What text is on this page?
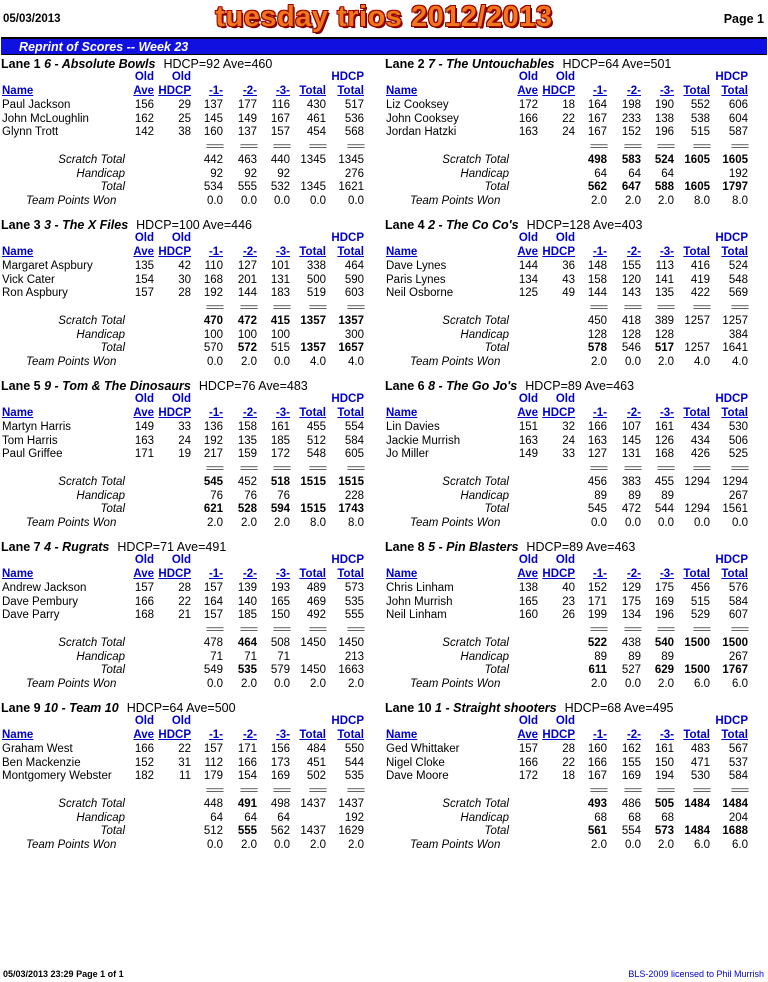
05/03/2013	tuesday trios 2012/2013	Page 1
Reprint of Scores -- Week 23
Lane 1 6 - Absolute Bowls HDCP=92 Ave=460
Old Old	HDCP
Name	Ave HDCP -1- -2- -3- Total Total
Paul Jackson	156 29 137 177 116 430 517
John McLoughlin	162 25 145 149 167 461 536
Glynn Trott	142 38 160 137 157 454 568
==== ==== ==== ==== ====
Scratch Total	442 463 440 1345 1345
Handicap	92 92 92	276
Total	534 555 532 1345 1621
Team Points Won	0.0 0.0 0.0 0.0 0.0
Lane 2 7 - The Untouchables HDCP=64 Ave=501
Old Old	HDCP
Name	Ave HDCP -1- -2- -3- Total Total
Liz Cooksey	172 18 164 198 190 552 606
John Cooksey	166 22 167 233 138 538 604
Jordan Hatzki	163 24 167 152 196 515 587
==== ==== ==== ==== ====
Scratch Total	498 583 524 1605 1605
Handicap	64 64 64	192
Total	562 647 588 1605 1797
Team Points Won	2.0 2.0 2.0 8.0 8.0
Lane 3 3 - The X Files HDCP=100 Ave=446
Old Old	HDCP
Name	Ave HDCP -1- -2- -3- Total Total
Margaret Aspbury	135 42 110 127 101 338 464
Vick Cater	154 30 168 201 131 500 590
Ron Aspbury	157 28 192 144 183 519 603
==== ==== ==== ==== ====
Scratch Total	470 472 415 1357 1357
Handicap	100 100 100	300
Total	570 572 515 1357 1657
Team Points Won	0.0 2.0 0.0 4.0 4.0
Lane 4 2 - The Co Co's HDCP=128 Ave=403
Old Old	HDCP
Name	Ave HDCP -1- -2- -3- Total Total
Dave Lynes	144 36 148 155 113 416 524
Paris Lynes	134 43 158 120 141 419 548
Neil Osborne	125 49 144 143 135 422 569
==== ==== ==== ==== ====
Scratch Total	450 418 389 1257 1257
Handicap	128 128 128	384
Total	578 546 517 1257 1641
Team Points Won	2.0 0.0 2.0 4.0 4.0
Lane 5 9 - Tom & The Dinosaurs HDCP=76 Ave=483
Old Old	HDCP
Name	Ave HDCP -1- -2- -3- Total Total
Martyn Harris	149 33 136 158 161 455 554
Tom Harris	163 24 192 135 185 512 584
Paul Griffee	171 19 217 159 172 548 605
==== ==== ==== ==== ====
Scratch Total	545 452 518 1515 1515
Handicap	76 76 76	228
Total	621 528 594 1515 1743
Team Points Won	2.0 2.0 2.0 8.0 8.0
Lane 6 8 - The Go Jo's HDCP=89 Ave=463
Old Old	HDCP
Name	Ave HDCP -1- -2- -3- Total Total
Lin Davies	151 32 166 107 161 434 530
Jackie Murrish	163 24 163 145 126 434 506
Jo Miller	149 33 127 131 168 426 525
==== ==== ==== ==== ====
Scratch Total	456 383 455 1294 1294
Handicap	89 89 89	267
Total	545 472 544 1294 1561
Team Points Won	0.0 0.0 0.0 0.0 0.0
Lane 7 4 - Rugrats HDCP=71 Ave=491
Old Old	HDCP
Name	Ave HDCP -1- -2- -3- Total Total
Andrew Jackson	157 28 157 139 193 489 573
Dave Pembury	166 22 164 140 165 469 535
Dave Parry	168 21 157 185 150 492 555
==== ==== ==== ==== ====
Scratch Total	478 464 508 1450 1450
Handicap	71 71 71	213
Total	549 535 579 1450 1663
Team Points Won	0.0 2.0 0.0 2.0 2.0
Lane 8 5 - Pin Blasters HDCP=89 Ave=463
Old Old	HDCP
Name	Ave HDCP -1- -2- -3- Total Total
Chris Linham	138 40 152 129 175 456 576
John Murrish	165 23 171 175 169 515 584
Neil Linham	160 26 199 134 196 529 607
==== ==== ==== ==== ====
Scratch Total	522 438 540 1500 1500
Handicap	89 89 89	267
Total	611 527 629 1500 1767
Team Points Won	2.0 0.0 2.0 6.0 6.0
Lane 9 10 - Team 10 HDCP=64 Ave=500
Old Old	HDCP
Name	Ave HDCP -1- -2- -3- Total Total
Graham West	166 22 157 171 156 484 550
Ben Mackenzie	152 31 112 166 173 451 544
Montgomery Webster 182 11 179 154 169 502 535
==== ==== ==== ==== ====
Scratch Total	448 491 498 1437 1437
Handicap	64 64 64	192
Total	512 555 562 1437 1629
Team Points Won	0.0 2.0 0.0 2.0 2.0
Lane 10 1 - Straight shooters HDCP=68 Ave=495
Old Old	HDCP
Name	Ave HDCP -1- -2- -3- Total Total
Ged Whittaker	157 28 160 162 161 483 567
Nigel Cloke	166 22 166 155 150 471 537
Dave Moore	172 18 167 169 194 530 584
==== ==== ==== ==== ====
Scratch Total	493 486 505 1484 1484
Handicap	68 68 68	204
Total	561 554 573 1484 1688
Team Points Won	2.0 0.0 2.0 6.0 6.0
05/03/2013 23:29 Page 1 of 1	BLS-2009 licensed to Phil Murrish
